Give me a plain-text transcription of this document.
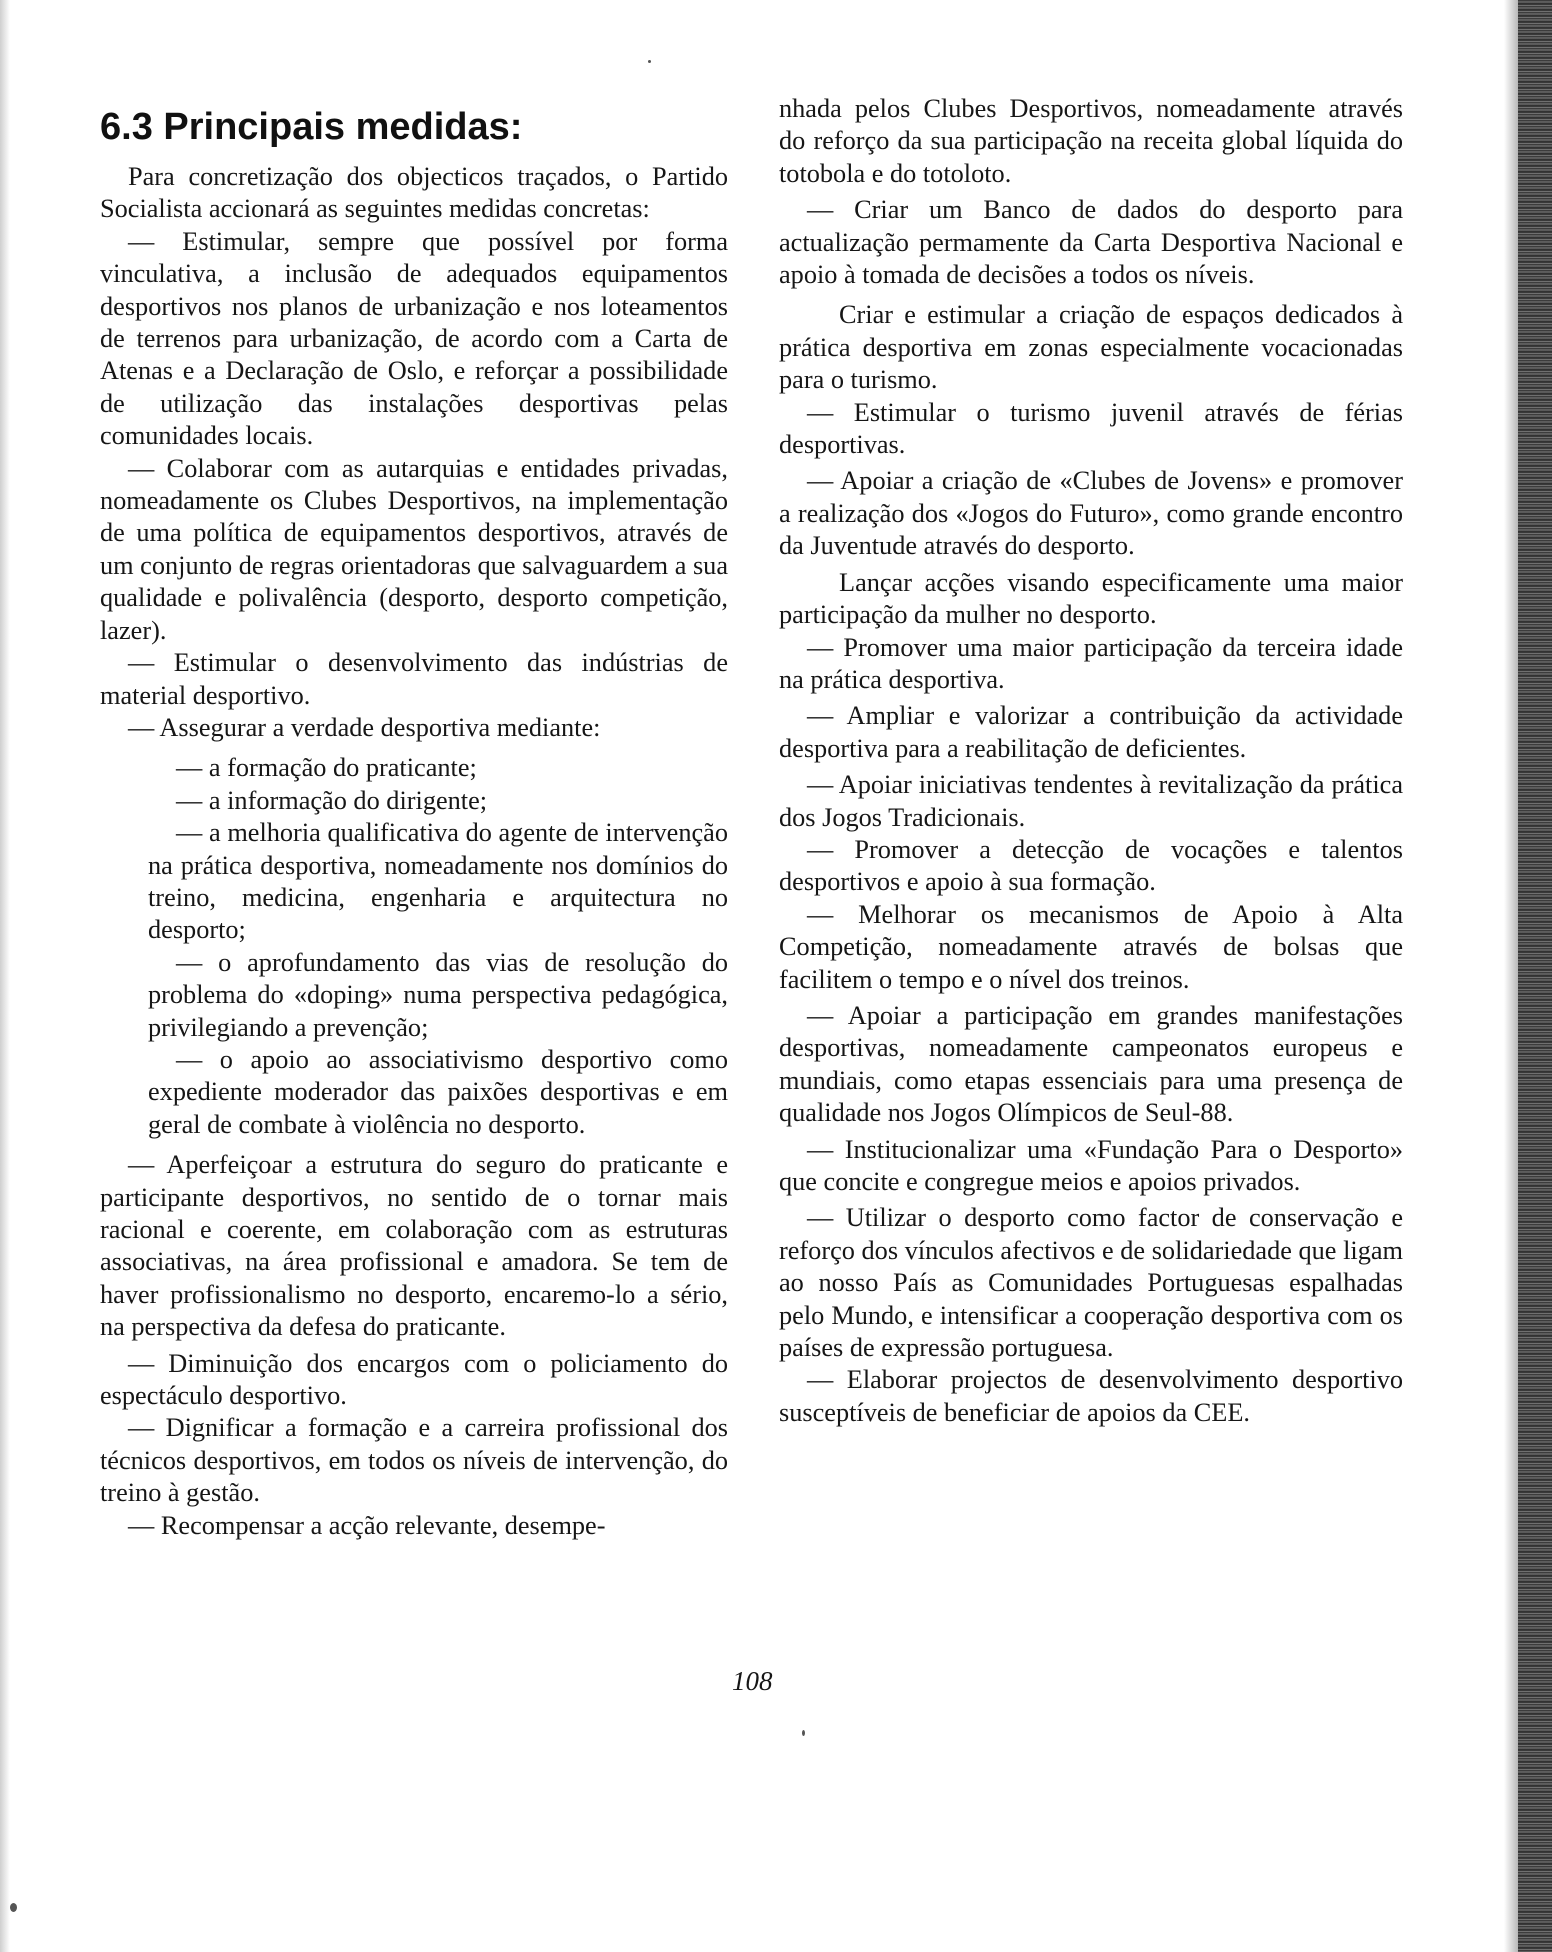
6.3 Principais medidas:

Para concretização dos objecticos traçados, o Partido Socialista accionará as seguintes medidas concretas:

— Estimular, sempre que possível por forma vinculativa, a inclusão de adequados equipamentos desportivos nos planos de urbanização e nos loteamentos de terrenos para urbanização, de acordo com a Carta de Atenas e a Declaração de Oslo, e reforçar a possibilidade de utilização das instalações desportivas pelas comunidades locais.

— Colaborar com as autarquias e entidades privadas, nomeadamente os Clubes Desportivos, na implementação de uma política de equipamentos desportivos, através de um conjunto de regras orientadoras que salvaguardem a sua qualidade e polivalência (desporto, desporto competição, lazer).

— Estimular o desenvolvimento das indústrias de material desportivo.

— Assegurar a verdade desportiva mediante:

— a formação do praticante;

— a informação do dirigente;

— a melhoria qualificativa do agente de intervenção na prática desportiva, nomeadamente nos domínios do treino, medicina, engenharia e arquitectura no desporto;

— o aprofundamento das vias de resolução do problema do «doping» numa perspectiva pedagógica, privilegiando a prevenção;

— o apoio ao associativismo desportivo como expediente moderador das paixões desportivas e em geral de combate à violência no desporto.

— Aperfeiçoar a estrutura do seguro do praticante e participante desportivos, no sentido de o tornar mais racional e coerente, em colaboração com as estruturas associativas, na área profissional e amadora. Se tem de haver profissionalismo no desporto, encaremo-lo a sério, na perspectiva da defesa do praticante.

— Diminuição dos encargos com o policiamento do espectáculo desportivo.

— Dignificar a formação e a carreira profissional dos técnicos desportivos, em todos os níveis de intervenção, do treino à gestão.

— Recompensar a acção relevante, desempe-

nhada pelos Clubes Desportivos, nomeadamente através do reforço da sua participação na receita global líquida do totobola e do totoloto.

— Criar um Banco de dados do desporto para actualização permamente da Carta Desportiva Nacional e apoio à tomada de decisões a todos os níveis.

Criar e estimular a criação de espaços dedicados à prática desportiva em zonas especialmente vocacionadas para o turismo.

— Estimular o turismo juvenil através de férias desportivas.

— Apoiar a criação de «Clubes de Jovens» e promover a realização dos «Jogos do Futuro», como grande encontro da Juventude através do desporto.

Lançar acções visando especificamente uma maior participação da mulher no desporto.

— Promover uma maior participação da terceira idade na prática desportiva.

— Ampliar e valorizar a contribuição da actividade desportiva para a reabilitação de deficientes.

— Apoiar iniciativas tendentes à revitalização da prática dos Jogos Tradicionais.

— Promover a detecção de vocações e talentos desportivos e apoio à sua formação.

— Melhorar os mecanismos de Apoio à Alta Competição, nomeadamente através de bolsas que facilitem o tempo e o nível dos treinos.

— Apoiar a participação em grandes manifestações desportivas, nomeadamente campeonatos europeus e mundiais, como etapas essenciais para uma presença de qualidade nos Jogos Olímpicos de Seul-88.

— Institucionalizar uma «Fundação Para o Desporto» que concite e congregue meios e apoios privados.

— Utilizar o desporto como factor de conservação e reforço dos vínculos afectivos e de solidariedade que ligam ao nosso País as Comunidades Portuguesas espalhadas pelo Mundo, e intensificar a cooperação desportiva com os países de expressão portuguesa.

— Elaborar projectos de desenvolvimento desportivo susceptíveis de beneficiar de apoios da CEE.

108
